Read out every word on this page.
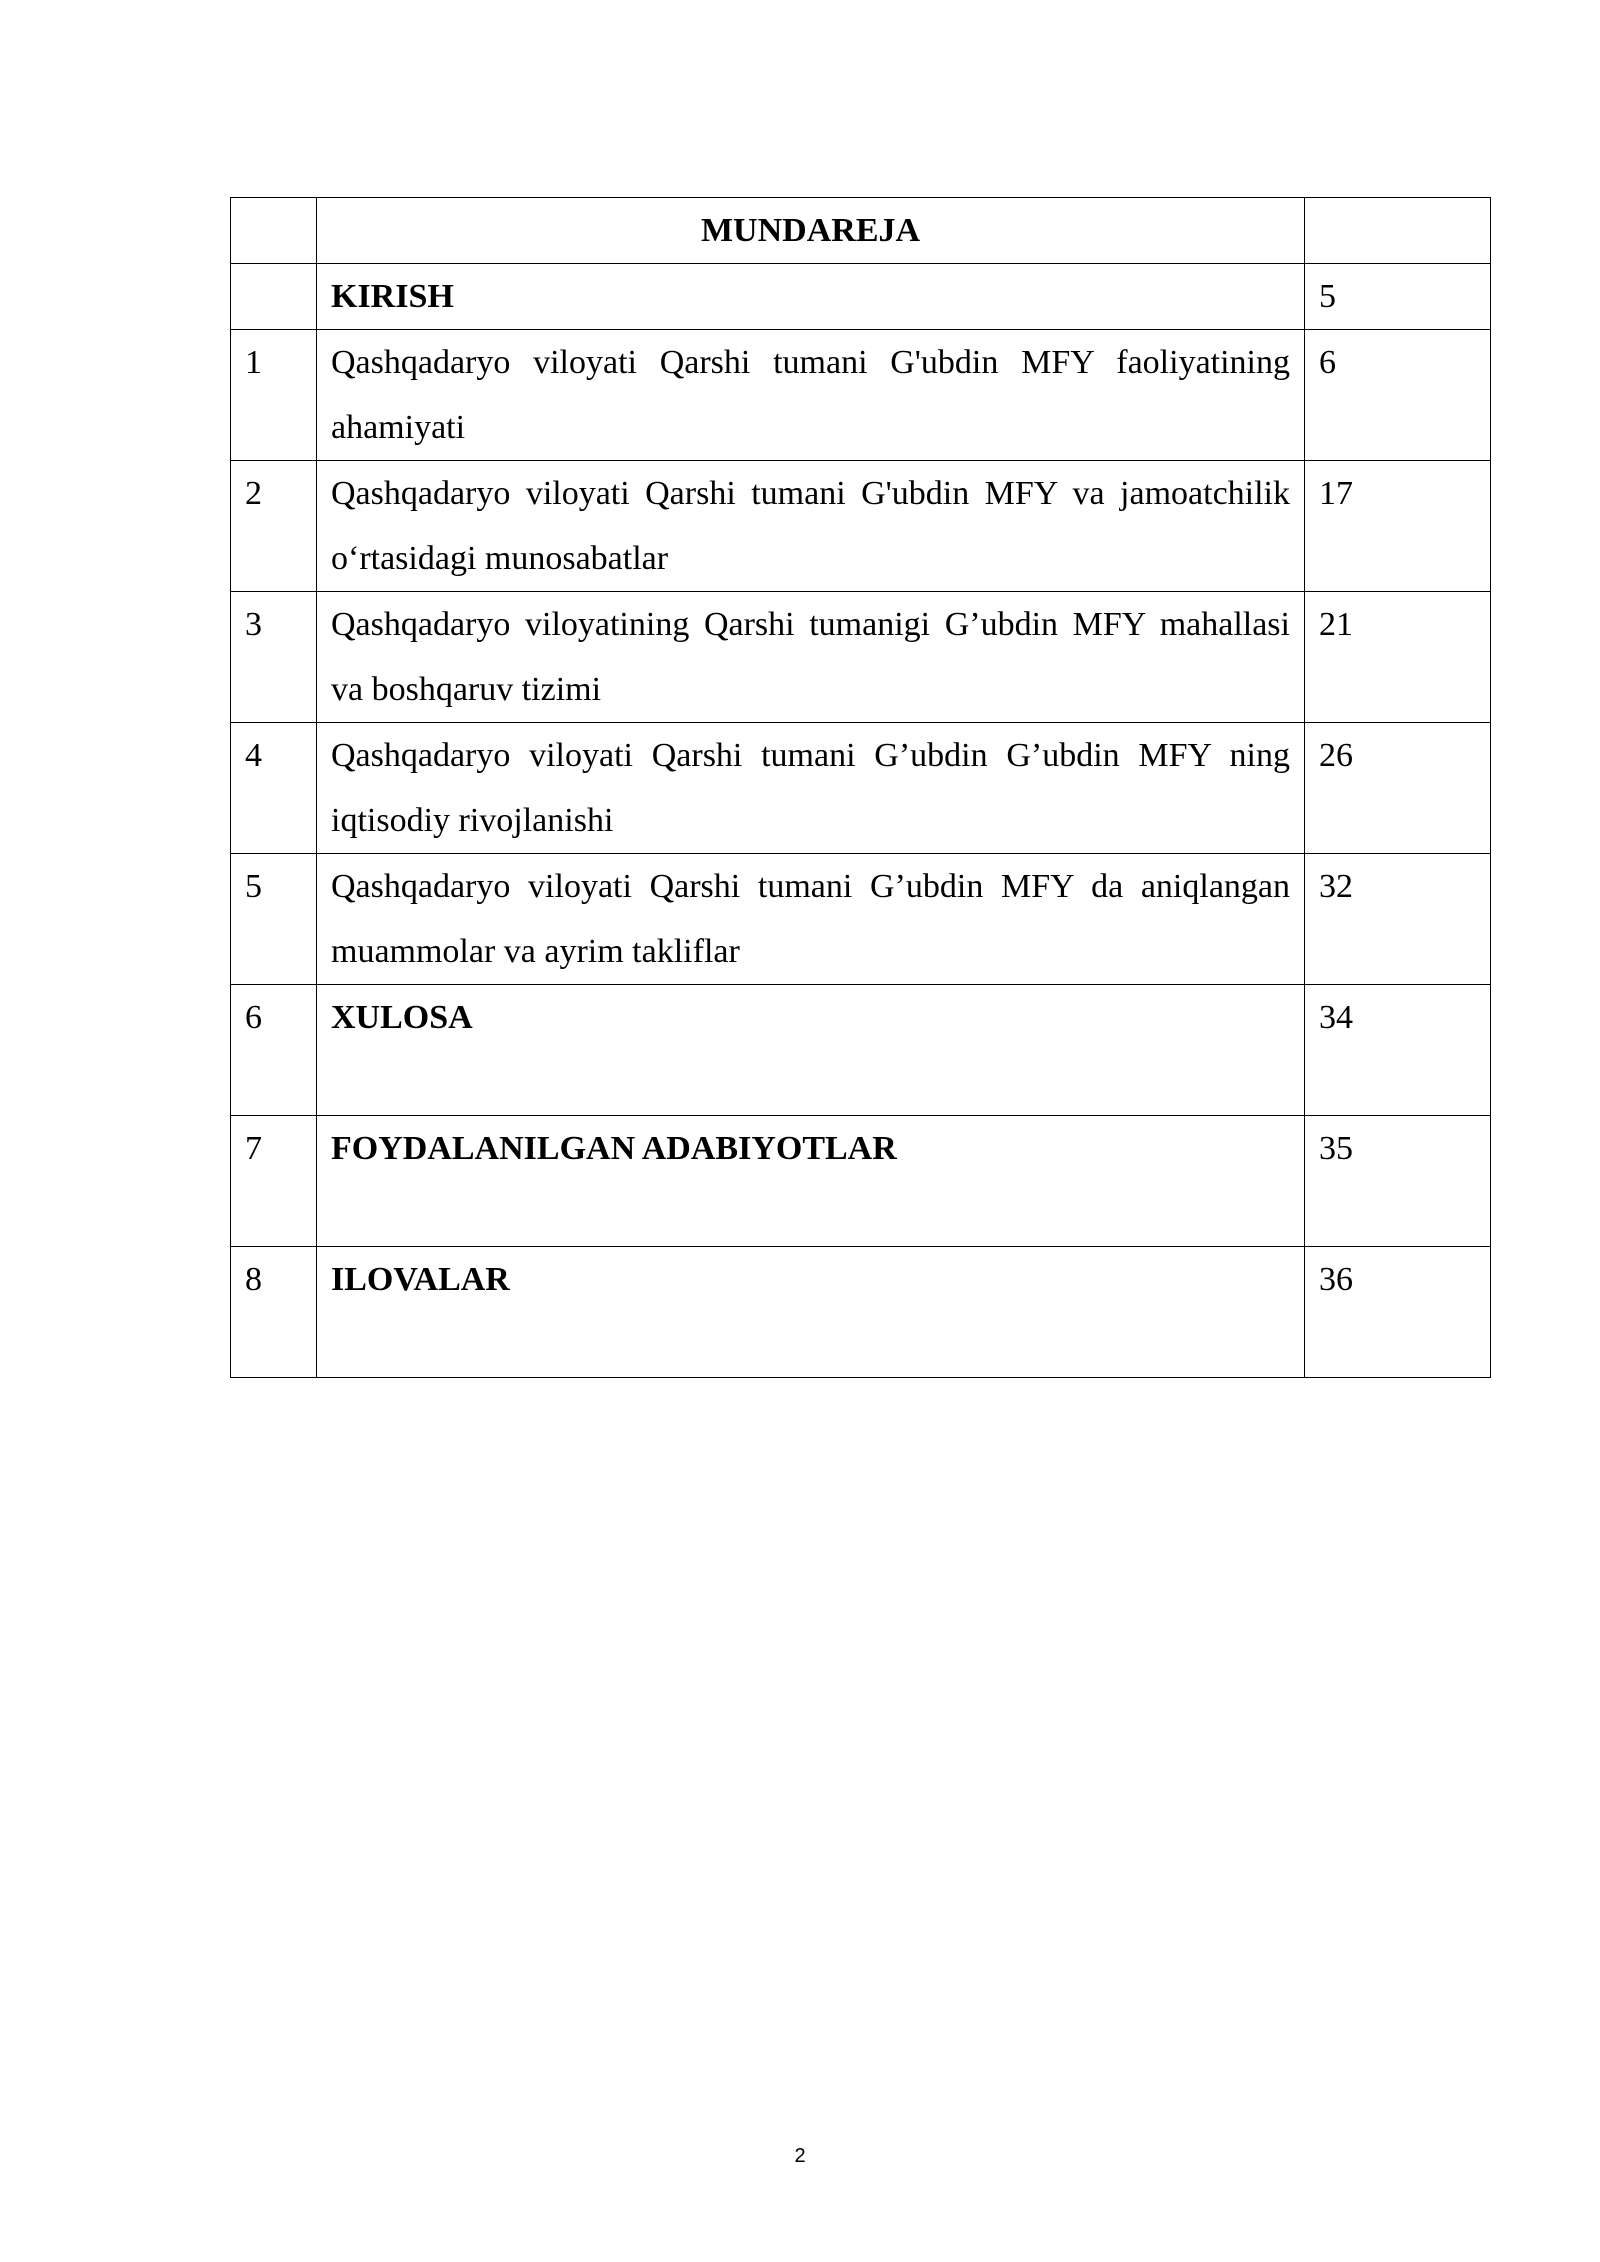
	MUNDAREJA	
	KIRISH	5
1	Qashqadaryo viloyati Qarshi tumani G'ubdin MFY faoliyatining ahamiyati	6
2	Qashqadaryo viloyati Qarshi tumani G'ubdin MFY va jamoatchilik o‘rtasidagi munosabatlar	17
3	Qashqadaryo viloyatining Qarshi tumanigi G’ubdin MFY mahallasi va boshqaruv tizimi	21
4	Qashqadaryo viloyati Qarshi tumani G’ubdin G’ubdin MFY ning iqtisodiy rivojlanishi	26
5	Qashqadaryo viloyati Qarshi tumani G’ubdin MFY da aniqlangan muammolar va ayrim takliflar	32
6	XULOSA	34
7	FOYDALANILGAN ADABIYOTLAR	35
8	ILOVALAR	36
2
